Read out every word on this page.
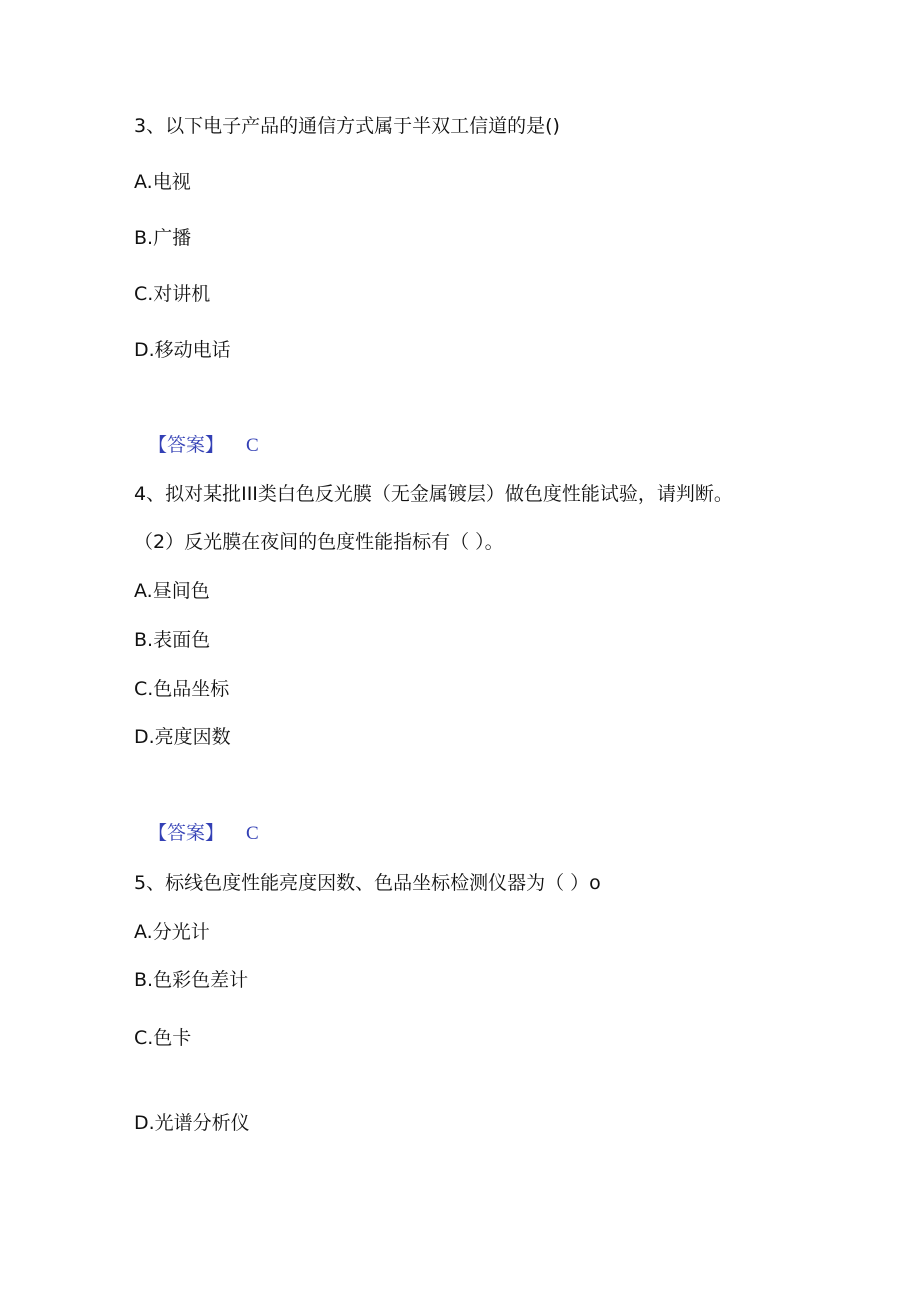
3、以下电子产品的通信方式属于半双工信道的是()
A.电视
B.广播
C.对讲机
D.移动电话
【答案】 C
4、拟对某批III类白色反光膜（无金属镀层）做色度性能试验，请判断。
（2）反光膜在夜间的色度性能指标有（ ）。
A.昼间色
B.表面色
C.色品坐标
D.亮度因数
【答案】 C
5、标线色度性能亮度因数、色品坐标检测仪器为（ ）o
A.分光计
B.色彩色差计
C.色卡
D.光谱分析仪
